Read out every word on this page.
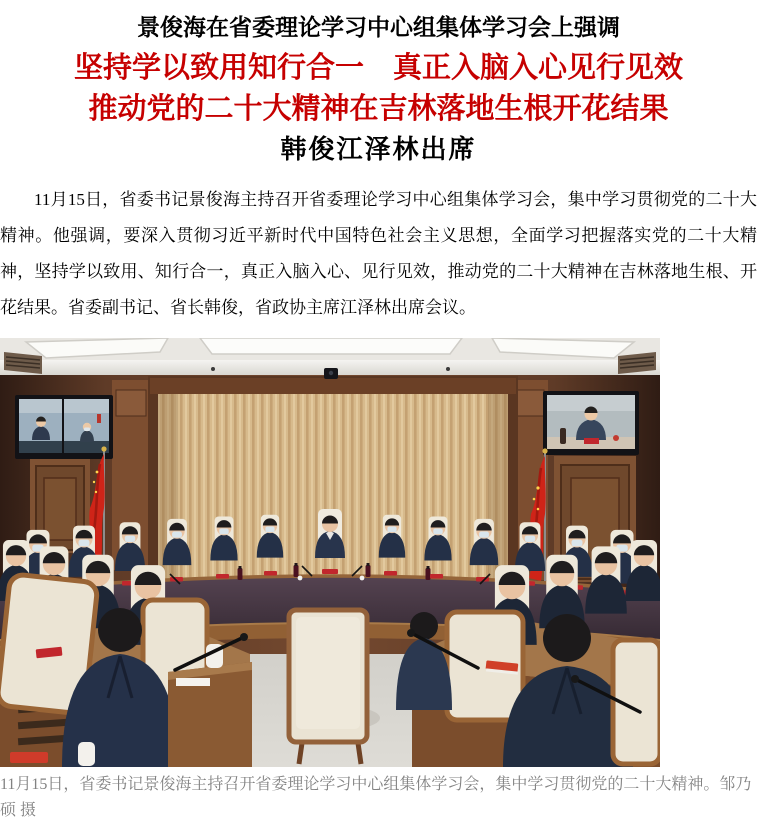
景俊海在省委理论学习中心组集体学习会上强调
坚持学以致用知行合一　真正入脑入心见行见效
推动党的二十大精神在吉林落地生根开花结果
韩俊江泽林出席

11月15日，省委书记景俊海主持召开省委理论学习中心组集体学习会，集中学习贯彻党的二十大精神。他强调，要深入贯彻习近平新时代中国特色社会主义思想，全面学习把握落实党的二十大精神，坚持学以致用、知行合一，真正入脑入心、见行见效，推动党的二十大精神在吉林落地生根、开花结果。省委副书记、省长韩俊，省政协主席江泽林出席会议。

11月15日，省委书记景俊海主持召开省委理论学习中心组集体学习会，集中学习贯彻党的二十大精神。邹乃硕 摄
